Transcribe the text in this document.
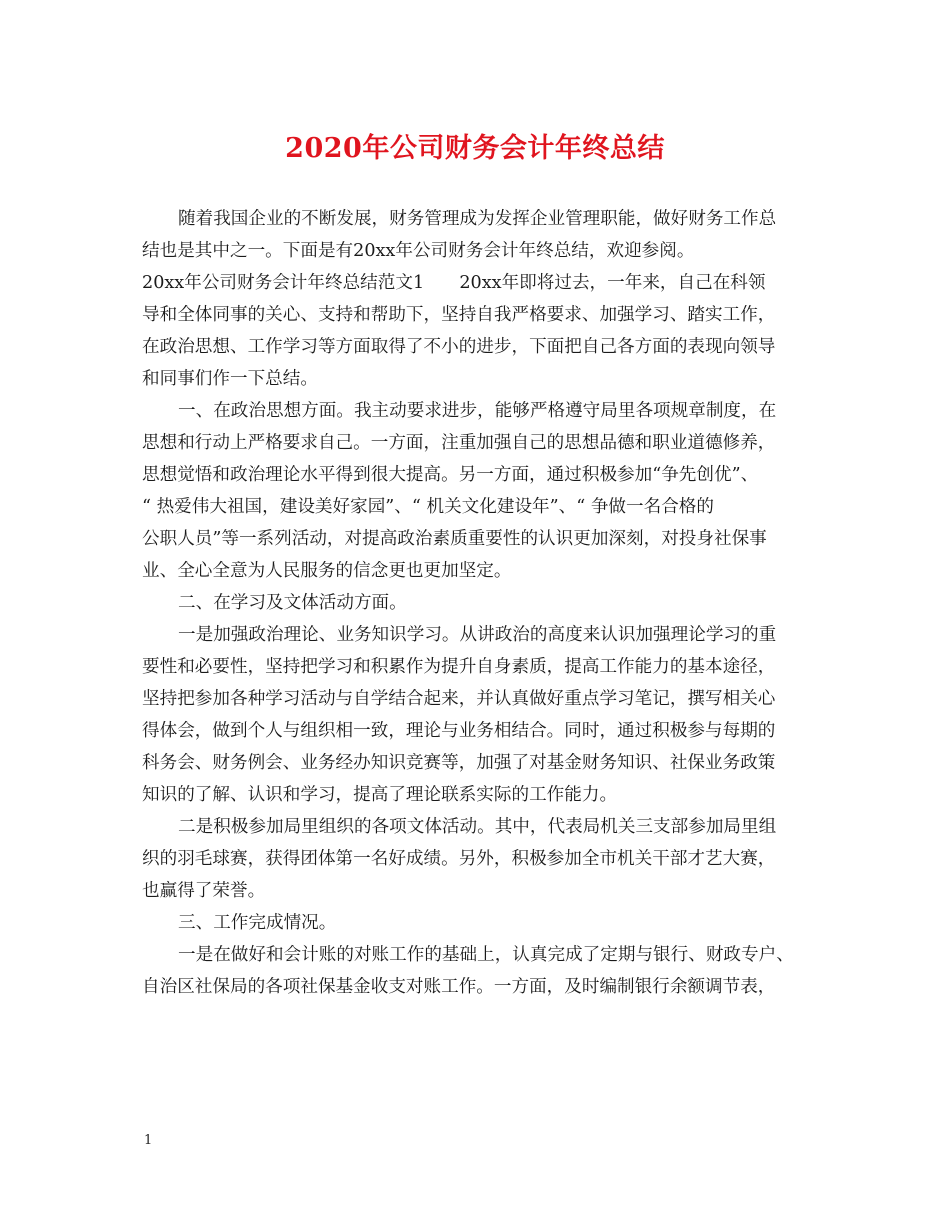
2020年公司财务会计年终总结
随着我国企业的不断发展，财务管理成为发挥企业管理职能，做好财务工作总
结也是其中之一。下面是有20xx年公司财务会计年终总结，欢迎参阅。
20xx年公司财务会计年终总结范文1　　20xx年即将过去，一年来，自己在科领
导和全体同事的关心、支持和帮助下，坚持自我严格要求、加强学习、踏实工作，
在政治思想、工作学习等方面取得了不小的进步，下面把自己各方面的表现向领导
和同事们作一下总结。
一、在政治思想方面。我主动要求进步，能够严格遵守局里各项规章制度，在
思想和行动上严格要求自己。一方面，注重加强自己的思想品德和职业道德修养，
思想觉悟和政治理论水平得到很大提高。另一方面，通过积极参加“争先创优”、
“ 热爱伟大祖国，建设美好家园”、“ 机关文化建设年”、“ 争做一名合格的
公职人员”等一系列活动，对提高政治素质重要性的认识更加深刻，对投身社保事
业、全心全意为人民服务的信念更也更加坚定。
二、在学习及文体活动方面。
一是加强政治理论、业务知识学习。从讲政治的高度来认识加强理论学习的重
要性和必要性，坚持把学习和积累作为提升自身素质，提高工作能力的基本途径，
坚持把参加各种学习活动与自学结合起来，并认真做好重点学习笔记，撰写相关心
得体会，做到个人与组织相一致，理论与业务相结合。同时，通过积极参与每期的
科务会、财务例会、业务经办知识竞赛等，加强了对基金财务知识、社保业务政策
知识的了解、认识和学习，提高了理论联系实际的工作能力。
二是积极参加局里组织的各项文体活动。其中，代表局机关三支部参加局里组
织的羽毛球赛，获得团体第一名好成绩。另外，积极参加全市机关干部才艺大赛，
也赢得了荣誉。
三、工作完成情况。
一是在做好和会计账的对账工作的基础上，认真完成了定期与银行、财政专户、
自治区社保局的各项社保基金收支对账工作。一方面，及时编制银行余额调节表，
1
